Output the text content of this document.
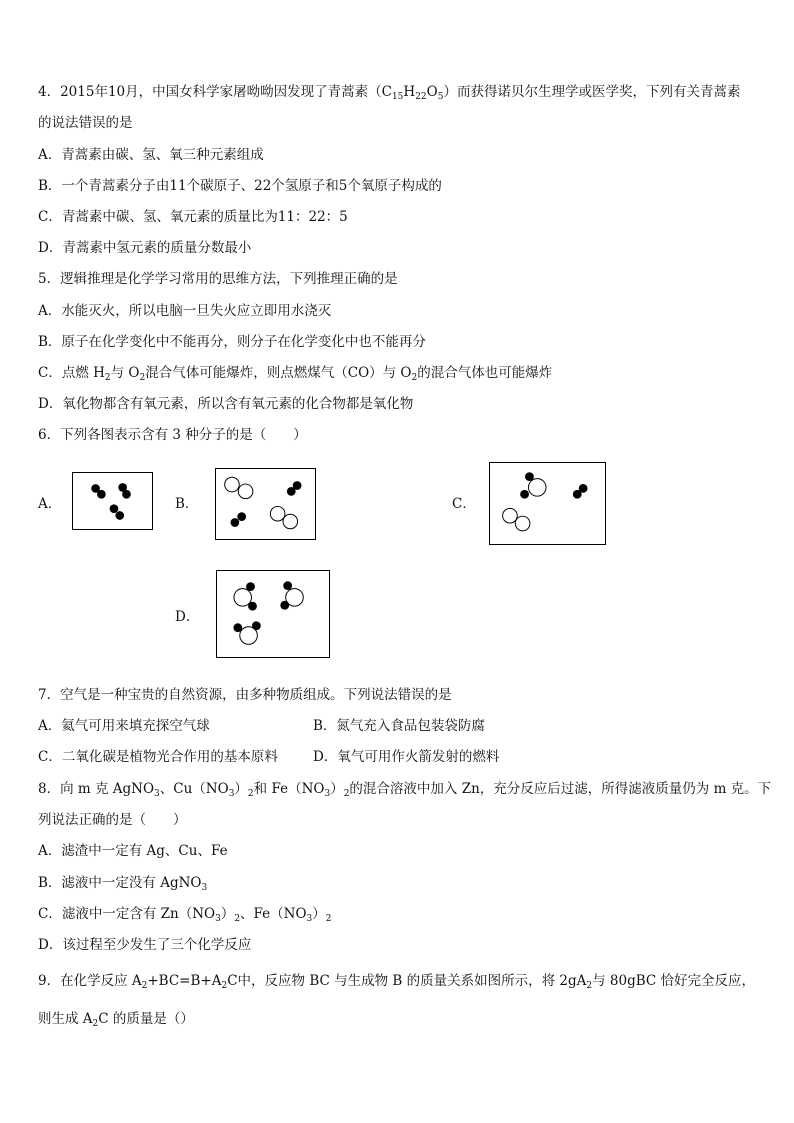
4．2015年10月，中国女科学家屠呦呦因发现了青蒿素$(C_{15}H_{22}O_5)$而获得诺贝尔生理学或医学奖，下列有关青蒿素
的说法错误的是
A．青蒿素由碳、氢、氧三种元素组成
B．一个青蒿素分子由11个碳原子、22个氢原子和5个氧原子构成的
C．青蒿素中碳、氢、氧元素的质量比为11：22：5
D．青蒿素中氢元素的质量分数最小
5．逻辑推理是化学学习常用的思维方法，下列推理正确的是
A．水能灭火，所以电脑一旦失火应立即用水浇灭
B．原子在化学变化中不能再分，则分子在化学变化中也不能再分
C．点燃 $H_2$与 $O_2$混合气体可能爆炸，则点燃煤气（CO）与 $O_2$的混合气体也可能爆炸
D．氧化物都含有氧元素，所以含有氧元素的化合物都是氧化物
6．下列各图表示含有 3 种分子的是（　　）
A．	B．	C．
D．
7．空气是一种宝贵的自然资源，由多种物质组成。下列说法错误的是
A．氦气可用来填充探空气球	B．氮气充入食品包装袋防腐
C．二氧化碳是植物光合作用的基本原料	D．氧气可用作火箭发射的燃料
8．向 m 克 AgNO$_3$、$Cu(NO_3)_2$和 $Fe(NO_3)_2$的混合溶液中加入 Zn，充分反应后过滤，所得滤液质量仍为 m 克。下
列说法正确的是（　　）
A．滤渣中一定有 Ag、Cu、Fe
B．滤液中一定没有 AgNO$_3$
C．滤液中一定含有 $Zn(NO_3)_2$、$Fe(NO_3)_2$
D．该过程至少发生了三个化学反应
9．在化学反应 $A_2+BC=B+A_2C$中，反应物 BC 与生成物 B 的质量关系如图所示，将 $2gA_2$与 80gBC 恰好完全反应，
则生成 $A_2C$ 的质量是（）
